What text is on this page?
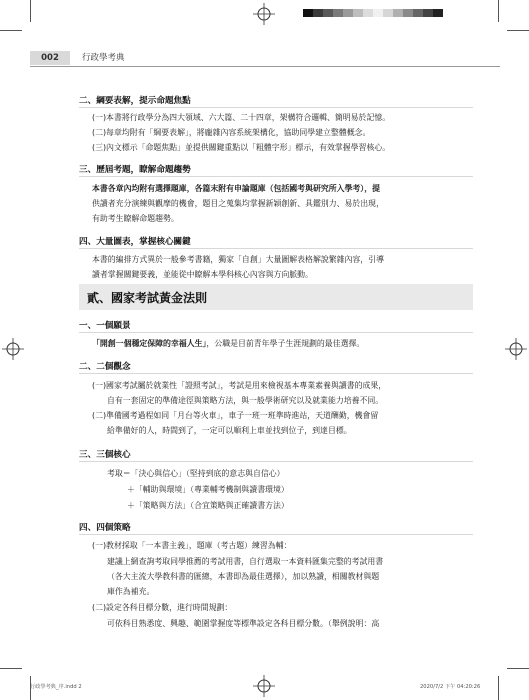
002	行政學考典
二、綱要表解，提示命題焦點
(一)本書將行政學分為四大領域、六大篇、二十四章，架構符合邏輯、簡明易於記憶。
(二)每章均附有「綱要表解」，將龐雜內容系統架構化，協助同學建立整體概念。
(三)內文標示「命題焦點」並提供關鍵重點以「粗體字形」標示，有效掌握學習核心。
三、歷屆考題，瞭解命題趨勢
本書各章內均附有選擇題庫，各篇末附有申論題庫（包括國考與研究所入學考），提
供讀者充分演練與觀摩的機會，題目之蒐集均掌握新穎創新、具鑑別力、易於出現，
有助考生瞭解命題趨勢。
四、大量圖表，掌握核心關鍵
本書的編排方式異於一般參考書籍，獨家「自創」大量圖解表格解說繁雜內容，引導
讀者掌握關鍵要義，並能從中瞭解本學科核心內容與方向脈動。
貳、國家考試黃金法則
一、一個願景
「開創一個穩定保障的幸福人生」，公職是目前青年學子生涯規劃的最佳選擇。
二、二個觀念
(一)國家考試屬於就業性「證照考試」，考試是用來檢視基本專業素養與讀書的成果，
自有一套固定的準備途徑與策略方法，與一般學術研究以及就業能力培養不同。
(二)準備國考過程如同「月台等火車」，車子一班一班準時進站，天道酬勤，機會留
給準備好的人，時間到了，一定可以順利上車並找到位子，到達目標。
三、三個核心
考取＝「決心與信心」（堅持到底的意志與自信心）
＋「輔助與環境」（專業輔考機制與讀書環境）
＋「策略與方法」（合宜策略與正確讀書方法）
四、四個策略
(一)教材採取「一本書主義」，題庫（考古題）練習為輔：
建議上網查詢考取同學推薦的考試用書，自行選取一本資料匯集完整的考試用書
（各大主流大學教科書的匯總，本書即為最佳選擇），加以熟讀，相關教材與題
庫作為補充。
(二)設定各科目標分數，進行時間規劃：
可依科目熟悉度、興趣、範圍掌握度等標準設定各科目標分數。（舉例說明：高
行政學考典_序.indd 2	2020/7/2 下午 04:20:26
